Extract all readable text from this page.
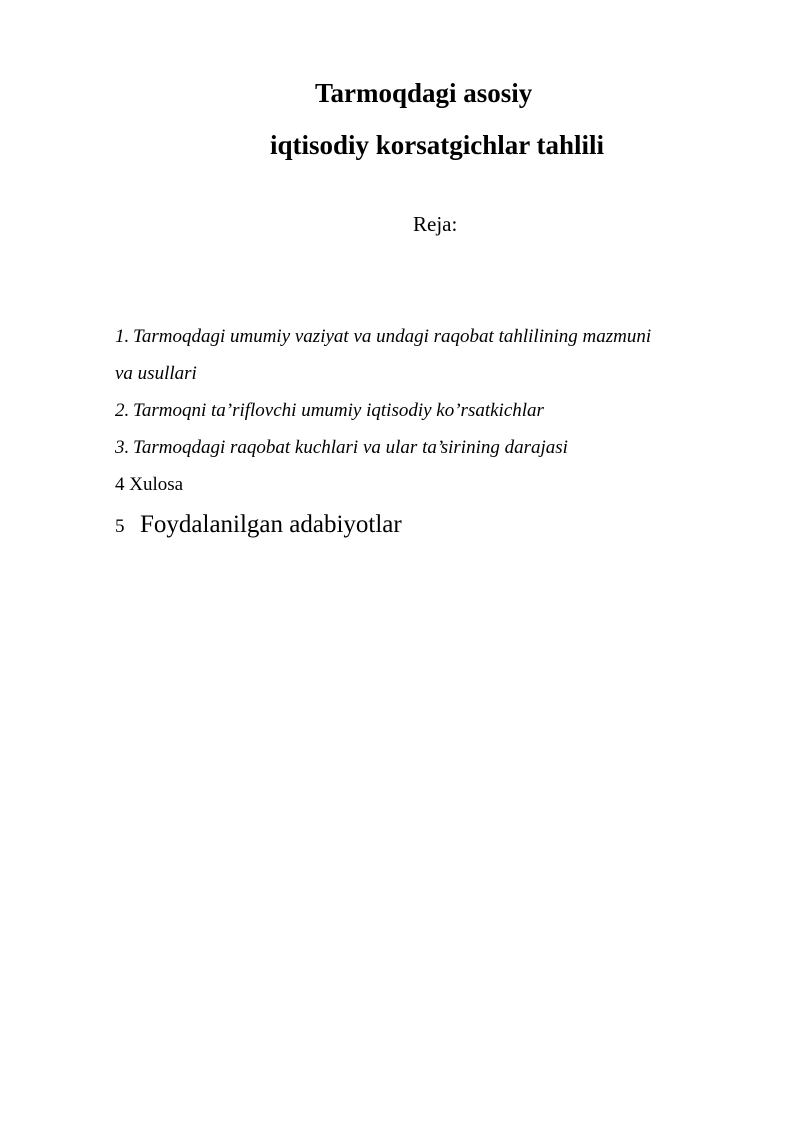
Tarmoqdagi asosiy
iqtisodiy korsatgichlar tahlili
Reja:
1. Tarmoqdagi umumiy vaziyat va undagi raqobat tahlilining mazmuni
va usullari
2. Tarmoqni ta’riflovchi umumiy iqtisodiy ko’rsatkichlar
3. Tarmoqdagi raqobat kuchlari va ular ta’sirining darajasi
4 Xulosa
5 Foydalanilgan adabiyotlar
